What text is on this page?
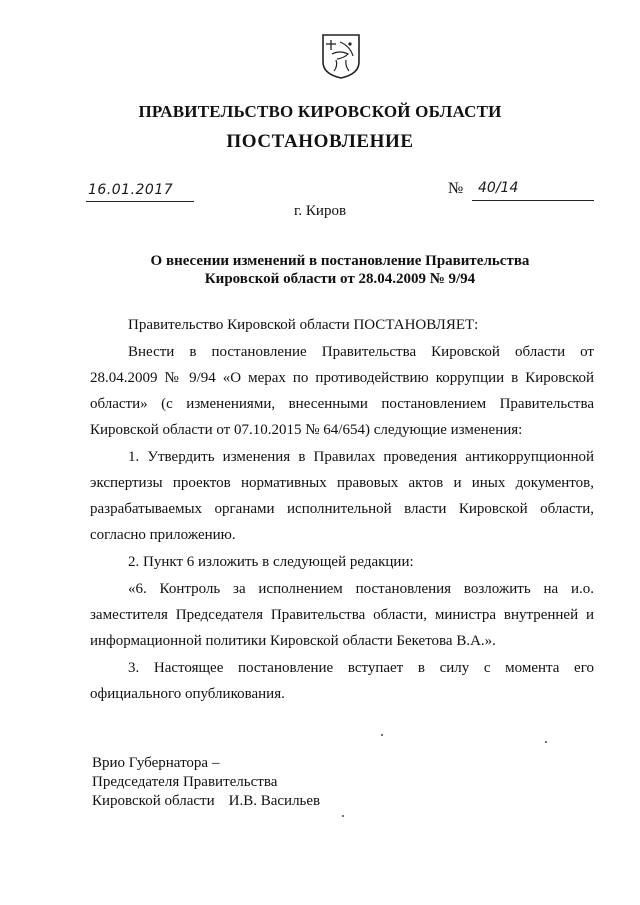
ПРАВИТЕЛЬСТВО КИРОВСКОЙ ОБЛАСТИ
ПОСТАНОВЛЕНИЕ
16.01.2017	№ 40/14
г. Киров
О внесении изменений в постановление Правительства
Кировской области от 28.04.2009 № 9/94

Правительство Кировской области ПОСТАНОВЛЯЕТ:

Внести в постановление Правительства Кировской области от 28.04.2009 № 9/94 «О мерах по противодействию коррупции в Кировской области» (с изменениями, внесенными постановлением Правительства Кировской области от 07.10.2015 № 64/654) следующие изменения:

1. Утвердить изменения в Правилах проведения антикоррупционной экспертизы проектов нормативных правовых актов и иных документов, разрабатываемых органами исполнительной власти Кировской области, согласно приложению.

2. Пункт 6 изложить в следующей редакции:

«6. Контроль за исполнением постановления возложить на и.о. заместителя Председателя Правительства области, министра внутренней и информационной политики Кировской области Бекетова В.А.».

3. Настоящее постановление вступает в силу с момента его официального опубликования.

Врио Губернатора –
Председателя Правительства
Кировской области И.В. Васильев
